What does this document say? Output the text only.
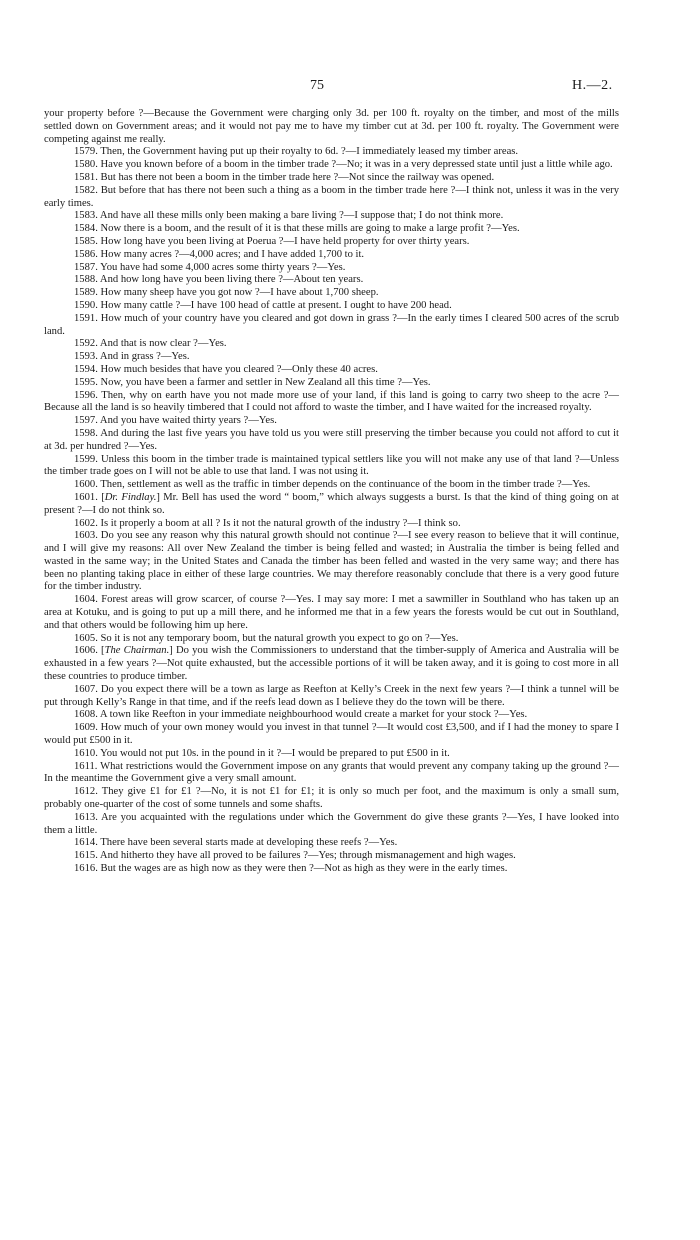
75	H.—2.

your property before ?—Because the Government were charging only 3d. per 100 ft. royalty on the timber, and most of the mills settled down on Government areas; and it would not pay me to have my timber cut at 3d. per 100 ft. royalty. The Government were competing against me really.

1579. Then, the Government having put up their royalty to 6d. ?—I immediately leased my timber areas.

1580. Have you known before of a boom in the timber trade ?—No; it was in a very depressed state until just a little while ago.

1581. But has there not been a boom in the timber trade here ?—Not since the railway was opened.

1582. But before that has there not been such a thing as a boom in the timber trade here ?—I think not, unless it was in the very early times.

1583. And have all these mills only been making a bare living ?—I suppose that; I do not think more.

1584. Now there is a boom, and the result of it is that these mills are going to make a large profit ?—Yes.

1585. How long have you been living at Poerua ?—I have held property for over thirty years.

1586. How many acres ?—4,000 acres; and I have added 1,700 to it.

1587. You have had some 4,000 acres some thirty years ?—Yes.

1588. And how long have you been living there ?—About ten years.

1589. How many sheep have you got now ?—I have about 1,700 sheep.

1590. How many cattle ?—I have 100 head of cattle at present. I ought to have 200 head.

1591. How much of your country have you cleared and got down in grass ?—In the early times I cleared 500 acres of the scrub land.

1592. And that is now clear ?—Yes.

1593. And in grass ?—Yes.

1594. How much besides that have you cleared ?—Only these 40 acres.

1595. Now, you have been a farmer and settler in New Zealand all this time ?—Yes.

1596. Then, why on earth have you not made more use of your land, if this land is going to carry two sheep to the acre ?—Because all the land is so heavily timbered that I could not afford to waste the timber, and I have waited for the increased royalty.

1597. And you have waited thirty years ?—Yes.

1598. And during the last five years you have told us you were still preserving the timber because you could not afford to cut it at 3d. per hundred ?—Yes.

1599. Unless this boom in the timber trade is maintained typical settlers like you will not make any use of that land ?—Unless the timber trade goes on I will not be able to use that land. I was not using it.

1600. Then, settlement as well as the traffic in timber depends on the continuance of the boom in the timber trade ?—Yes.

1601. [Dr. Findlay.] Mr. Bell has used the word “ boom,” which always suggests a burst. Is that the kind of thing going on at present ?—I do not think so.

1602. Is it properly a boom at all ? Is it not the natural growth of the industry ?—I think so.

1603. Do you see any reason why this natural growth should not continue ?—I see every reason to believe that it will continue, and I will give my reasons: All over New Zealand the timber is being felled and wasted; in Australia the timber is being felled and wasted in the same way; in the United States and Canada the timber has been felled and wasted in the very same way; and there has been no planting taking place in either of these large countries. We may therefore reasonably conclude that there is a very good future for the timber industry.

1604. Forest areas will grow scarcer, of course ?—Yes. I may say more: I met a sawmiller in Southland who has taken up an area at Kotuku, and is going to put up a mill there, and he informed me that in a few years the forests would be cut out in Southland, and that others would be following him up here.

1605. So it is not any temporary boom, but the natural growth you expect to go on ?—Yes.

1606. [The Chairman.] Do you wish the Commissioners to understand that the timber-supply of America and Australia will be exhausted in a few years ?—Not quite exhausted, but the accessible portions of it will be taken away, and it is going to cost more in all these countries to produce timber.

1607. Do you expect there will be a town as large as Reefton at Kelly’s Creek in the next few years ?—I think a tunnel will be put through Kelly’s Range in that time, and if the reefs lead down as I believe they do the town will be there.

1608. A town like Reefton in your immediate neighbourhood would create a market for your stock ?—Yes.

1609. How much of your own money would you invest in that tunnel ?—It would cost £3,500, and if I had the money to spare I would put £500 in it.

1610. You would not put 10s. in the pound in it ?—I would be prepared to put £500 in it.

1611. What restrictions would the Government impose on any grants that would prevent any company taking up the ground ?—In the meantime the Government give a very small amount.

1612. They give £1 for £1 ?—No, it is not £1 for £1; it is only so much per foot, and the maximum is only a small sum, probably one-quarter of the cost of some tunnels and some shafts.

1613. Are you acquainted with the regulations under which the Government do give these grants ?—Yes, I have looked into them a little.

1614. There have been several starts made at developing these reefs ?—Yes.

1615. And hitherto they have all proved to be failures ?—Yes; through mismanagement and high wages.

1616. But the wages are as high now as they were then ?—Not as high as they were in the early times.
